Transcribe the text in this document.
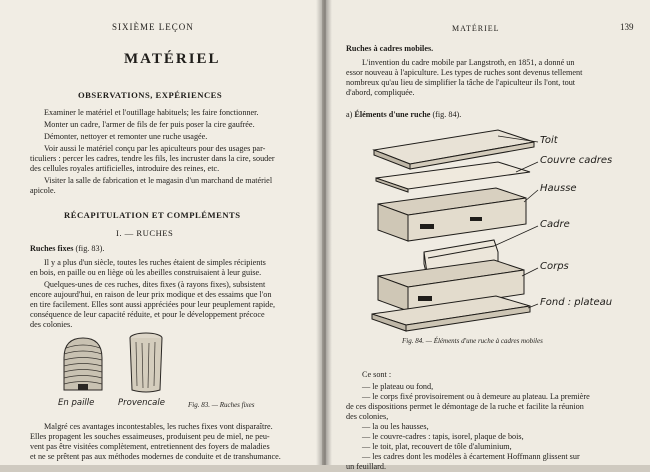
SIXIÈME LEÇON
MATÉRIEL
OBSERVATIONS, EXPÉRIENCES
Examiner le matériel et l'outillage habituels; les faire fonctionner.
Monter un cadre, l'armer de fils de fer puis poser la cire gaufrée.
Démonter, nettoyer et remonter une ruche usagée.
Voir aussi le matériel conçu par les apiculteurs pour des usages par-
ticuliers : percer les cadres, tendre les fils, les incruster dans la cire, souder
des cellules royales artificielles, introduire des reines, etc.
Visiter la salle de fabrication et le magasin d'un marchand de matériel
apicole.
RÉCAPITULATION ET COMPLÉMENTS
I. — RUCHES
Ruches fixes (fig. 83).
Il y a plus d'un siècle, toutes les ruches étaient de simples récipients
en bois, en paille ou en liège où les abeilles construisaient à leur guise.
Quelques-unes de ces ruches, dites fixes (à rayons fixes), subsistent
encore aujourd'hui, en raison de leur prix modique et des essaims que l'on
en tire facilement. Elles sont aussi appréciées pour leur peuplement rapide,
conséquence de leur capacité réduite, et pour le développement précoce
des colonies.
En paille	Provencale	Fig. 83. — Ruches fixes
Malgré ces avantages incontestables, les ruches fixes vont disparaître.
Elles propagent les souches essaimeuses, produisent peu de miel, ne peu-
vent pas être visitées complètement, entretiennent des foyers de maladies
et ne se prêtent pas aux méthodes modernes de conduite et de transhumance.
MATÉRIEL	139
Ruches à cadres mobiles.
L'invention du cadre mobile par Langstroth, en 1851, a donné un
essor nouveau à l'apiculture. Les types de ruches sont devenus tellement
nombreux qu'au lieu de simplifier la tâche de l'apiculteur ils l'ont, tout
d'abord, compliquée.
a) Éléments d'une ruche (fig. 84).
Toit
Couvre cadres
Hausse
Cadre
Corps
Fond : plateau
Fig. 84. — Éléments d'une ruche à cadres mobiles
Ce sont :
— le plateau ou fond,
— le corps fixé provisoirement ou à demeure au plateau. La première
de ces dispositions permet le démontage de la ruche et facilite la réunion
des colonies,
— la ou les hausses,
— le couvre-cadres : tapis, isorel, plaque de bois,
— le toit, plat, recouvert de tôle d'aluminium,
— les cadres dont les modèles à écartement Hoffmann glissent sur
un feuillard.
